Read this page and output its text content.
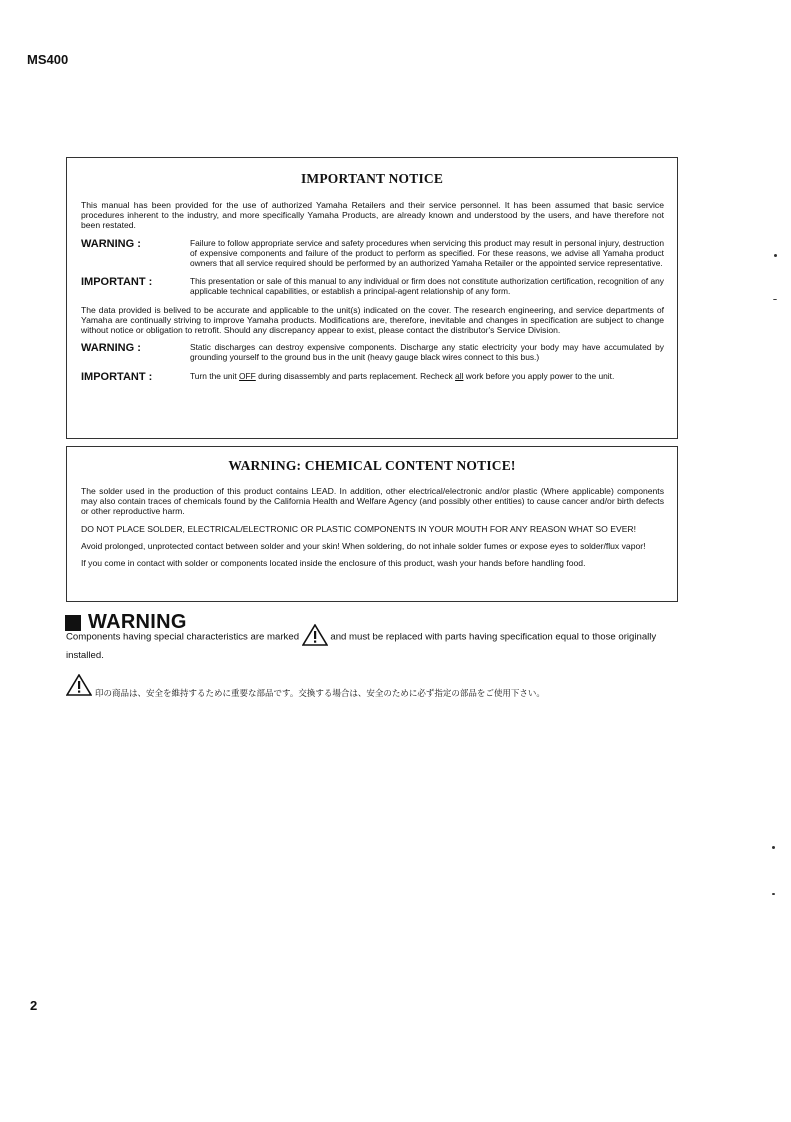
MS400
IMPORTANT NOTICE
This manual has been provided for the use of authorized Yamaha Retailers and their service personnel. It has been assumed that basic service procedures inherent to the industry, and more specifically Yamaha Products, are already known and understood by the users, and have therefore not been restated.
WARNING :	Failure to follow appropriate service and safety procedures when servicing this product may result in personal injury, destruction of expensive components and failure of the product to perform as specified. For these reasons, we advise all Yamaha product owners that all service required should be performed by an authorized Yamaha Retailer or the appointed service representative.
IMPORTANT :	This presentation or sale of this manual to any individual or firm does not constitute authorization certification, recognition of any applicable technical capabilities, or establish a principal-agent relationship of any form.
The data provided is belived to be accurate and applicable to the unit(s) indicated on the cover. The research engineering, and service departments of Yamaha are continually striving to improve Yamaha products. Modifications are, therefore, inevitable and changes in specification are subject to change without notice or obligation to retrofit. Should any discrepancy appear to exist, please contact the distributor's Service Division.
WARNING :	Static discharges can destroy expensive components. Discharge any static electricity your body may have accumulated by grounding yourself to the ground bus in the unit (heavy gauge black wires connect to this bus.)
IMPORTANT :	Turn the unit OFF during disassembly and parts replacement. Recheck all work before you apply power to the unit.
WARNING: CHEMICAL CONTENT NOTICE!
The solder used in the production of this product contains LEAD. In addition, other electrical/electronic and/or plastic (Where applicable) components may also contain traces of chemicals found by the California Health and Welfare Agency (and possibly other entities) to cause cancer and/or birth defects or other reproductive harm.
DO NOT PLACE SOLDER, ELECTRICAL/ELECTRONIC OR PLASTIC COMPONENTS IN YOUR MOUTH FOR ANY REASON WHAT SO EVER!
Avoid prolonged, unprotected contact between solder and your skin! When soldering, do not inhale solder fumes or expose eyes to solder/flux vapor!
If you come in contact with solder or components located inside the enclosure of this product, wash your hands before handling food.
WARNING
Components having special characteristics are marked	and must be replaced with parts having specification equal to those originally installed.
印の商品は、安全を維持するために重要な部品です。交換する場合は、安全のために必ず指定の部品をご使用下さい。
2
